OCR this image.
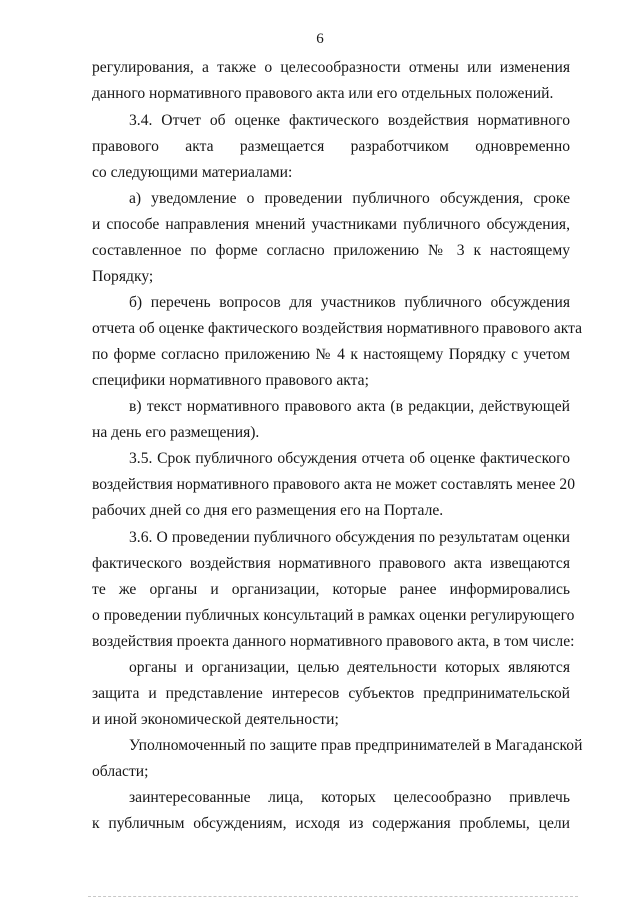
6
регулирования, а также о целесообразности отмены или изменения
данного нормативного правового акта или его отдельных положений.
3.4. Отчет об оценке фактического воздействия нормативного
правового акта размещается разработчиком одновременно
со следующими материалами:
а) уведомление о проведении публичного обсуждения, сроке
и способе направления мнений участниками публичного обсуждения,
составленное по форме согласно приложению № 3 к настоящему
Порядку;
б) перечень вопросов для участников публичного обсуждения
отчета об оценке фактического воздействия нормативного правового акта
по форме согласно приложению № 4 к настоящему Порядку с учетом
специфики нормативного правового акта;
в) текст нормативного правового акта (в редакции, действующей
на день его размещения).
3.5. Срок публичного обсуждения отчета об оценке фактического
воздействия нормативного правового акта не может составлять менее 20
рабочих дней со дня его размещения его на Портале.
3.6. О проведении публичного обсуждения по результатам оценки
фактического воздействия нормативного правового акта извещаются
те же органы и организации, которые ранее информировались
о проведении публичных консультаций в рамках оценки регулирующего
воздействия проекта данного нормативного правового акта, в том числе:
органы и организации, целью деятельности которых являются
защита и представление интересов субъектов предпринимательской
и иной экономической деятельности;
Уполномоченный по защите прав предпринимателей в Магаданской
области;
заинтересованные лица, которых целесообразно привлечь
к публичным обсуждениям, исходя из содержания проблемы, цели
